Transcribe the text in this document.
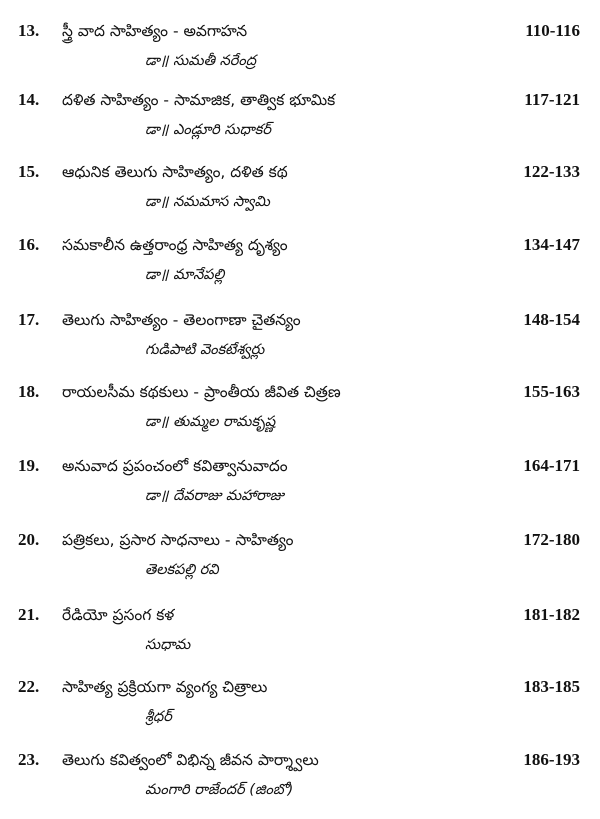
13. స్త్రీ వాద సాహిత్యం - అవగాహన	110-116
డా॥ సుమతీ నరేంద్ర
14. దళిత సాహిత్యం - సామాజిక, తాత్విక భూమిక	117-121
డా॥ ఎండ్లూరి సుధాకర్
15. ఆధునిక తెలుగు సాహిత్యం, దళిత కథ	122-133
డా॥ నమమాస స్వామి
16. సమకాలీన ఉత్తరాంధ్ర సాహిత్య దృశ్యం	134-147
డా॥ మానేపల్లి
17. తెలుగు సాహిత్యం - తెలంగాణా చైతన్యం	148-154
గుడిపాటి వెంకటేశ్వర్లు
18. రాయలసీమ కథకులు - ప్రాంతీయ జీవిత చిత్రణ	155-163
డా॥ తుమ్మల రామకృష్ణ
19. అనువాద ప్రపంచంలో కవిత్వానువాదం	164-171
డా॥ దేవరాజు మహారాజు
20. పత్రికలు, ప్రసార సాధనాలు - సాహిత్యం	172-180
తెలకపల్లి రవి
21. రేడియో ప్రసంగ కళ	181-182
సుధామ
22. సాహిత్య ప్రక్రియగా వ్యంగ్య చిత్రాలు	183-185
శ్రీధర్
23. తెలుగు కవిత్వంలో విభిన్న జీవన పార్శ్వాలు	186-193
మంగారి రాజేందర్ (జింబో)
